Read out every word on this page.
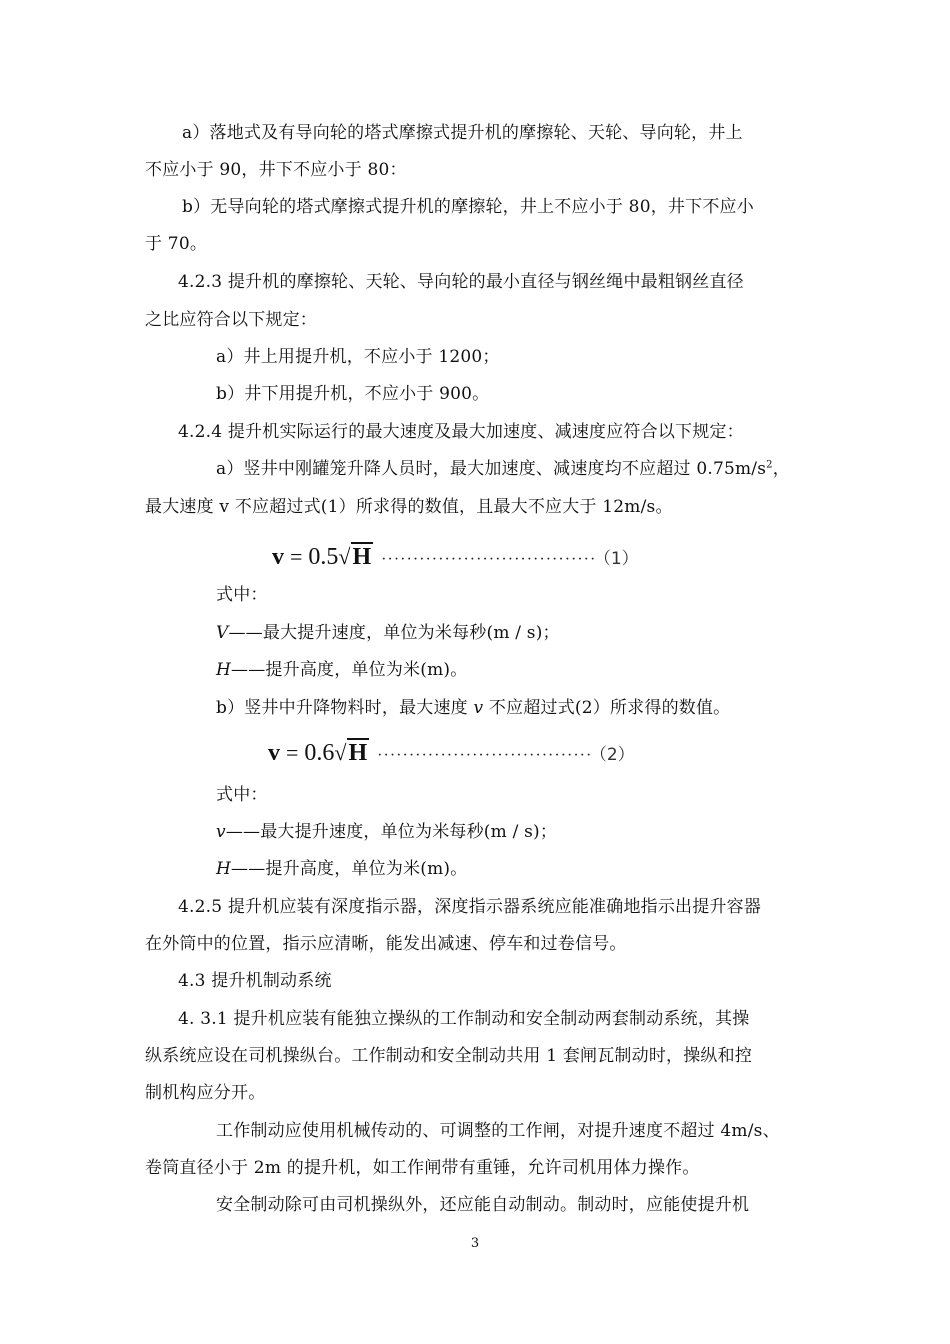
a）落地式及有导向轮的塔式摩擦式提升机的摩擦轮、天轮、导向轮，井上
不应小于 90，井下不应小于 80：
b）无导向轮的塔式摩擦式提升机的摩擦轮，井上不应小于 80，井下不应小
于 70。
4.2.3 提升机的摩擦轮、天轮、导向轮的最小直径与钢丝绳中最粗钢丝直径
之比应符合以下规定：
a）井上用提升机，不应小于 1200；
b）井下用提升机，不应小于 900。
4.2.4 提升机实际运行的最大速度及最大加速度、减速度应符合以下规定：
a）竖井中刚罐笼升降人员时，最大加速度、减速度均不应超过 $0.75m/s^2$，
最大速度 v 不应超过式(1）所求得的数值，且最大不应大于 12m/s。
v = 0.5√H ·································· （1）
式中：
V——最大提升速度，单位为米每秒(m / s)；
H——提升高度，单位为米(m)。
b）竖井中升降物料时，最大速度 v 不应超过式(2）所求得的数值。
v = 0.6√H ·································· （2）
式中：
v——最大提升速度，单位为米每秒(m / s)；
H——提升高度，单位为米(m)。
4.2.5 提升机应装有深度指示器，深度指示器系统应能准确地指示出提升容器
在外筒中的位置，指示应清晰，能发出减速、停车和过卷信号。
4.3 提升机制动系统
4. 3.1 提升机应装有能独立操纵的工作制动和安全制动两套制动系统，其操
纵系统应设在司机操纵台。工作制动和安全制动共用 1 套闸瓦制动时，操纵和控
制机构应分开。
工作制动应使用机械传动的、可调整的工作闸，对提升速度不超过 4m/s、
卷筒直径小于 2m 的提升机，如工作闸带有重锤，允许司机用体力操作。
安全制动除可由司机操纵外，还应能自动制动。制动时，应能使提升机
3
